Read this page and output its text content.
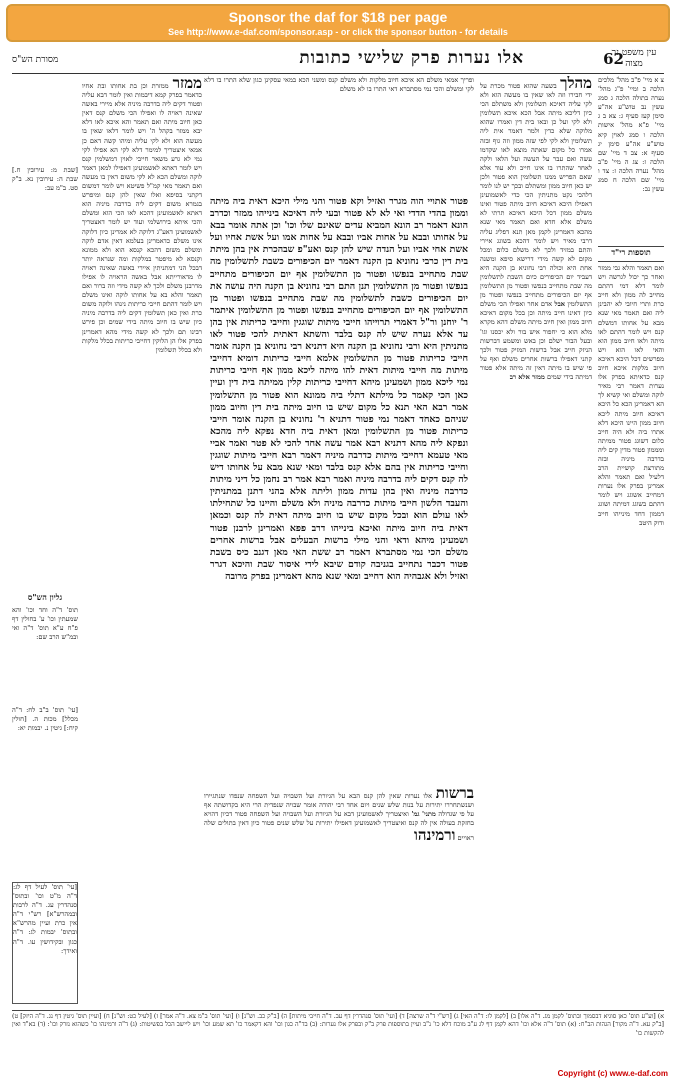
Sponsor the daf for $18 per page
See http://www.e-daf.com/sponsor.asp - or click the sponsor button - for details
עין משפט נר מצוה
62
אלו נערות פרק שלישי כתובות
מסורת הש"ס
צ א מיי' פ"ב מהל' מלכים הלכה ב ומיי' פ"ג מהל' נערה בתולה הלכה ג סמג עשין נב טוש"ע אה"ע סימן קעז סעיף ג: צא ב ג מיי' פ"א מהל' אישות הלכה ו סמג לאוין קיא טוש"ע אה"ע סימן יג סעיף א: צב ד מיי' שם הלכה ז: צג ה מיי' פ"ב מהל' נערה הלכה ז: צד ו מיי' שם הלכה ח סמג עשין נב:
תוספות רי"ד
ואם תאמר והלא גבי ממזר ואחר כך יכול לגרשה ויש לומר דלא דמי דהתם מחייב לה ממון ולא חייב כרת ותרי חיובי לא יהבינן ליה ואם תאמר מאי שנא מבא על אחותו דמשלם קנס ויש לומר דהתם לאו מיתה ולאו חיוב ממון הוא והאי לאו הוא ויש מפרשים דכל היכא דאיכא חיוב מלקות איכא חיוב קנס כדאיתא בפרק אלו נערות דאמר רבי מאיר לוקה ומשלם ואי קשיא לך הא דאמרינן הכא כל היכא דאיכא חיוב מיתה ליכא חיוב ממון היינו היכא דלא אתרו ביה ולא היה חייב כלום דשוגג פטור ממיתה ומממון פטור מדין קים ליה בדרבה מיניה ובזה מתורצת קושיית הרב דלעיל ואם תאמר והלא אמרינן בפרק אלו נערות דמחייב אשוגג ויש לומר דהתם בשוגג דמיתה ושוגג דממון דחד מינייהו חייב ודוק היטב
מהלך בשעה שהוא פטור מכרת על ידי חבירו וזה לאו שאין בו מעשה הוא ולא לקי עליה דאיכא תשלומין ולא משתלם הכי כיון דליכא מיתה אבל הכא איכא תשלומין ולא לקי ועל כן ובאו בית דין ואמרו שהוא מלוקה שלא כדין ולמר דאמר אית ליה תשלומין ולא לקי לפי שזה ממון וזה גוף ובזה אמרו כל מקום שאתה מוצא לאו שקדמו עשה ואם עבר על העשה ועל הלאו ולקה לאחר שהתרו בו אינו חייב ולא עוד אלא שאם הפריש ממנו תשלומין הוא פטור ולכן יש כאן חיוב ממון ומשתלם ובכך יש לנו לומר דלהכי נקט מתניתין הכי כדי לאשמועינן דאפילו היכא דאיכא חיוב מיתה פטור ואינו משלם ממון דכל היכא דאיכא תרתי לא משלם אלא חדא ואם תאמר מאי שנא מהכא דאמרינן לקמן מאן תנא דפליג עליה דרבי מאיר ויש לומר דהכא בשוגג איירי והתם במזיד ולכך לא משלם כלום ומכל מקום לא קשה מידי דרישא סיפא ומשנה אחת היא וכולה רבי נחוניא בן הקנה היא דעביד יום הכיפורים כיום השבת לתשלומין מה שבת מתחייב בנפשו ופטור מן התשלומין אף יום הכיפורים מתחייב בנפשו ופטור מן התשלומין אבל אדם אחר ואפילו הכי משלם כיון דאינו חייב מיתה וכן בכל מקום דאיכא חיוב ממון ואין חיוב מיתה משלם דהא מקרא מלא הוא כי יחפור איש בור ולא יכסנו וגו' ובעל הבור ישלם וכן באש ומשמע דברשות הניזק חייב אבל ברשות המזיק פטור ולכך קתני דאפילו ברשות אחרים משלם ואף על פי שיש בו מיתה דאין זה מיתה אלא פטור דמיתה בידי שמים ממזר אלא רב
ופריך אמאי משלם הא איכא חיוב מלקות ולא משלם קנס ומשני הכא במאי עסקינן כגון שלא התרו בו דלא לקי ומשלם והכי נמי מסתברא דאי התרו בו לא משלם
פטור אתויי הוה מגרר ואזיל וקא פטור והני מילי היכא דאית ביה מיתה וממון בהדי הדדי ואי לא לא פטור ובעי ליה דאיכא בינייהו ממזר וכדרב הונא דאמר רב הונא המביא עדים שאינם שלו וכו' וכן אתה אומר בבא על אחותו ובבא על אחות אביו ובבא על אחות אמו ועל אשת אחיו ועל אשת אחי אביו ועל הנדה שיש להן קנס ואע"פ שבהכרת אין בהן מיתת בית דין כרבי נחוניא בן הקנה דאמר יום הכיפורים כשבת לתשלומין מה שבת מתחייב בנפשו ופטור מן התשלומין אף יום הכיפורים מתחייב בנפשו ופטור מן התשלומין תנן התם רבי נחוניא בן הקנה היה עושה את יום הכיפורים כשבת לתשלומין מה שבת מתחייב בנפשו ופטור מן התשלומין אף יום הכיפורים מתחייב בנפשו ופטור מן התשלומין איתמר ר' יוחנן ור"ל דאמרי תרוייהו חייבי מיתות שוגגין וחייבי כריתות אין בהן עד אלא נערה שיש לה קנס בלבד והשתא דאתית להכי פטור לאו מתניתין היא ורבי נחוניא בן הקנה היא דתניא רבי נחוניא בן הקנה אומר חייבי כריתות פטור מן התשלומין אלמא חייבי כריתות דומיא דחייבי מיתות מה חייבי מיתות דאית להו מיתה ליכא ממון אף חייבי כריתות נמי ליכא ממון ושמעינן מיהא דחייבי כריתות קלין ממיתה בית דין ועיין כאן הכי קאמר כל מילתא דתלי ביה ממונא הוא פטור מן התשלומין אמר רבא האי תנא כל מקום שיש בו חיוב מיתה בית דין וחיוב ממון שניהם כאחד דאמר נמי פטור דתניא ר' נחוניא בן הקנה אומר חייבי כריתות פטור מן התשלומין ומאן דאית ביה חדא נפקא ליה מהכא ונפקא ליה מהא דתניא רבא אמר עשה אחד להכי לא פטר ואמר אביי מאי טעמא דחייבי מיתות כדרבה מיניה דאמר רבא חייבי מיתות שוגגין וחייבי כריתות אין בהם אלא קנס בלבד ומאי שנא מבא על אחותו דיש לה קנס דקים ליה בדרבה מיניה ואמר רבא אמר רב נחמן כל דיני מיתות כדרבה מיניה ואין בהן עדות ממון וליתה אלא בהני דתנן במתניתין והעבד הלשון חייבי מיתות כדרבה מיניה ולא משלם והיינו כל שתחילתו לאו עולם הוא ובכל מקום שיש בו חיוב מיתה דאית לה קנס וכמאן דאית ביה חיוב מיתה ואיכא בינייהו דרב פפא ואמרינן לרבנן פטור ושמעינן מיהא ודאי והני מילי ברשות הבעלים אבל ברשות אחרים משלם הכי נמי מסתברא דאמר רב ששת האי מאן דגנב כיס בשבת פטור דכבר נתחייב בגניבה קודם שיבא לידי איסור שבת והיכא דגרר ואזיל ולא אגבהיה הוא דחייב ומאי שנא מהא דאמרינן בפרק מרובה
ברשות אלו נערות שאין להן קנס הבא על הגיורת ועל השבויה ועל השפחה שנפדו שנתגיירו ושנשתחררו יתירות על בנות שלש שנים ויום אחד רבי יהודה אומר שבויה שנפדית הרי היא בקדושתה אף על פי שגדולה מתני' גמ' ואיצטריך לאשמועינן דבא על הגיורת ועל השבויה ועל השפחה פטור דכיון דהויא בחזקת בעולה אין לה קנס ואיצטריך לאשמועינן דאפילו יתירות על שלש שנים פטור כיון דאין בתולים שלה ראויים ורמינהו
ממזר ממזרת וכן בת אחותו ובת אחיו כדאמר בפרק קמא דיבמות ואין לומר דבא עליה ופטור דקים ליה בדרבה מיניה אלא מיירי באשה שאינה ראויה לו ואפילו הכי משלם קנס דאין כאן חיוב מיתה ואם תאמר והא איכא לאו דלא יבא ממזר בקהל ה' ויש לומר דלאו שאין בו מעשה הוא ולא לקי עליה ומיהו קשה דאם כן אמאי איצטריך למימר דלא לקי הא אפילו לקי נמי לא גרע משאר חייבי לאוין דמשלמין קנס ויש לומר דאתא לאשמועינן דאפילו למאן דאמר לוקה ומשלם הכא לא לקי משום דאין בו מעשה ואם תאמר מאי קמ"ל פשיטא ויש לומר דמשום דקתני בסיפא ואלו שאין להן קנס ומיפרש בגמרא משום דקים ליה בדרבה מיניה הוא דאתא לאשמועינן דהכא לאו הכי הוא ומשלם והכי איתא בירושלמי ועוד יש לומר דאצטריך לאשמועינן דאע"ג דלוקה לא אמרינן כיון דלוקה אינו משלם כדאמרינן בעלמא דאין אדם לוקה ומשלם משום דהכא קנסא הוא ולא ממונא וקנסא לא מיפטר במלקות ומה שנראה יותר דבכל הני דמתניתין איירי באשה שאינה ראויה לו מדאורייתא אבל באשה הראויה לו אפילו מדרבנן משלם ולכך לא קשה מידי וזה ברור ואם תאמר והלא בא על אחותו לוקה ואינו משלם ויש לומר דהתם חייבי כריתות נינהו ולוקה משום כרת ואין כאן תשלומין דקים ליה בדרבה מיניה כיון שיש בו חיוב מיתה בידי שמים וכן פירש רבינו תם ולכך לא קשה מידי מהא דאמרינן בפרק אלו הן הלוקין דחייבי כריתות בכלל מלקות ולא בכלל תשלומין
[שבת מ: עירובין ח.] שבת ה: עירובין נא. ב"ק סט. ב"מ עב:
גליון הש"ס
תוס' ד"ה וחד וכו' והא שמעתין וכו' ע' בחולין דף פ"ח ע"א תוס' ד"ה ואי ובמ"ש הרב שם:
[עי' תוס' ב"ב לח: ד"ה מכלל] מכות ה. [חולין קיח:] גיטין נ. יבמות יא:
[עי' תוס' לעיל דף לג: ד"ה מ"ט וכו' ובתוס' סנהדרין עג. ד"ה לרבות ובמהרש"א] רש"י ד"ה אין כרת ועיין מהרש"א ובתוס' יבמות לג: ד"ה כגון ובקידושין עו. ד"ה ואידך:
א) [וע"ע תוס' כאן סוגיא דבסמוך ובתוס' לקמן מג. ד"ה אלו] ב) [לקמן לו: ד"ה האי] ג) [רש"י ד"ה שרצה] ד) [ועי' תוס' סנהדרין דף עב. ד"ה חייבי מיתות] ה) [ב"ק כב. וש"נ] ו) [ועי' תוס' ב"מ צא. ד"ה אמר] ז) [לעיל כט: וש"נ] ח) [ועיין תוס' גיטין דף נג. ד"ה היזק] ט) [ב"ק עא. ד"ה מקור] הגהות הב"ח: (א) תוס' ד"ה אלא וכו' דהא לקמן דף לג ע"ב מוכח דלא כו' נ"ב ועיין בתוספות פרק ב"ק ובפרק אלו נערות: (ב) בד"ה כגון וכו' והא דקאמר כו' תא שמע וכו' ויש ליישב הכל בפשיטות: (ג) ד"ה ורמינהו כו' כשהוא נזרק וכו': (ד) בא"ד ואין להקשות כו'
Copyright (c) www.e-daf.com
